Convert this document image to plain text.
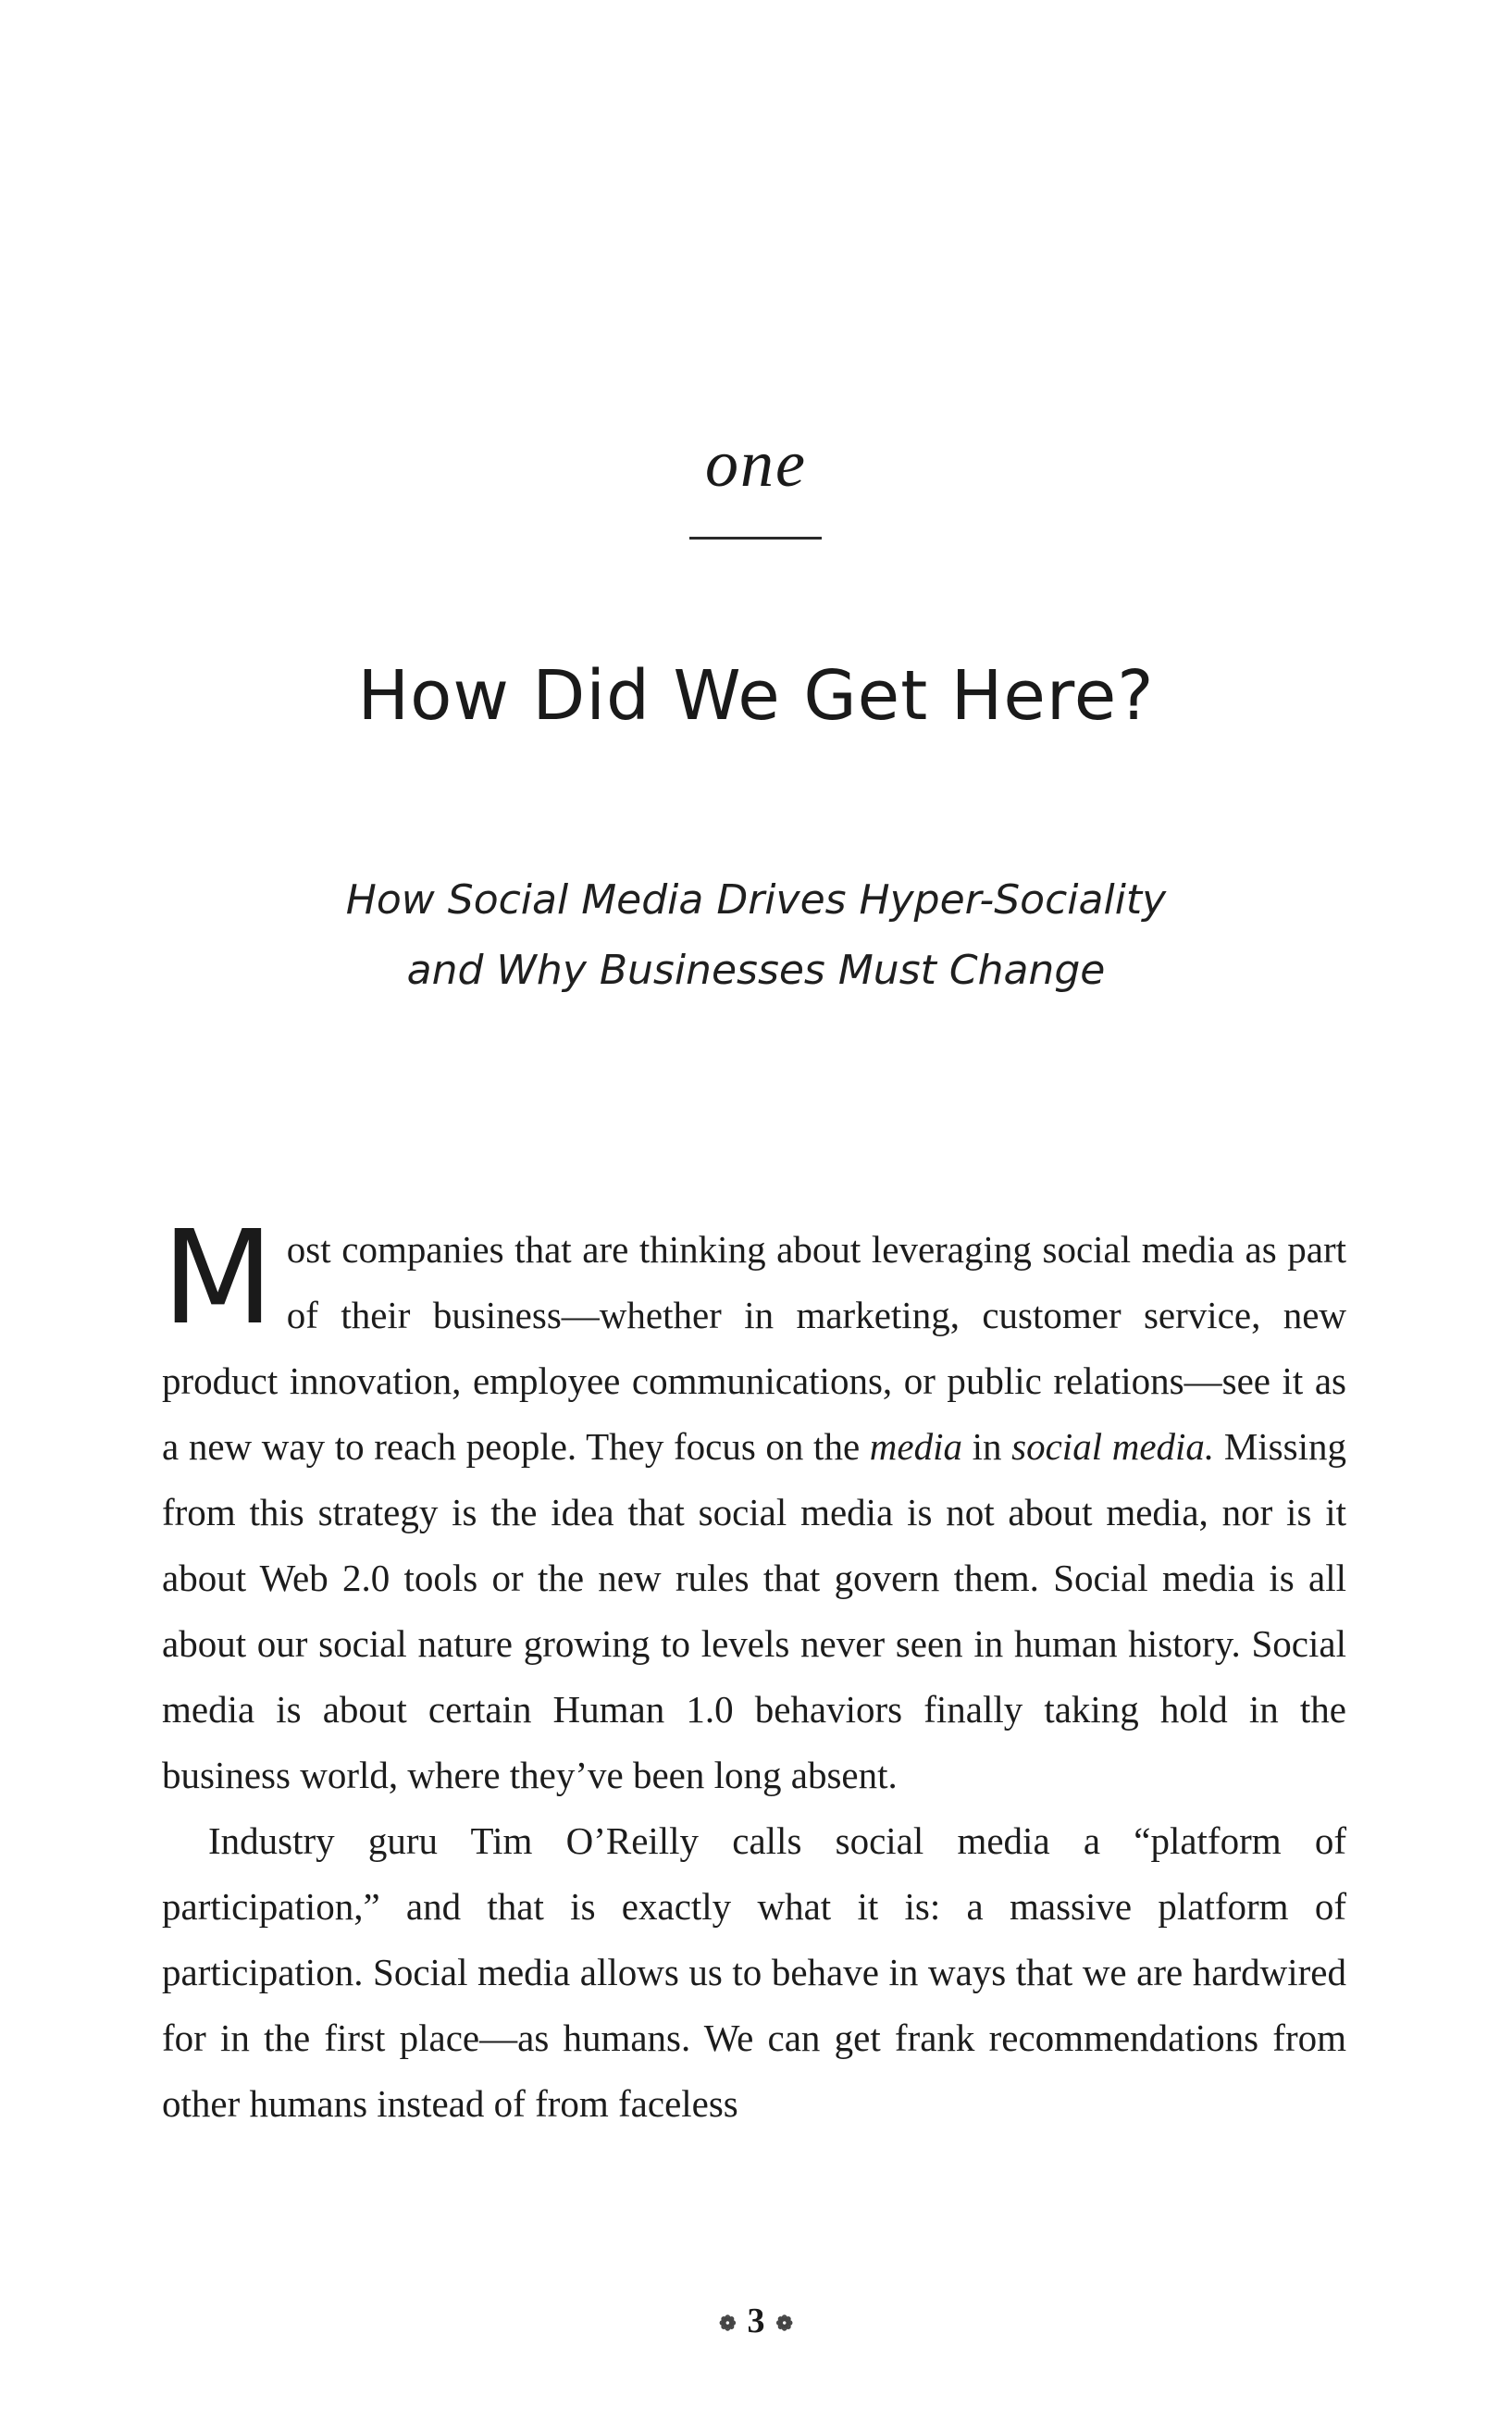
one
How Did We Get Here?
How Social Media Drives Hyper-Sociality
and Why Businesses Must Change

Most companies that are thinking about leveraging social media as part of their business—whether in marketing, customer service, new product innovation, employee communications, or public relations—see it as a new way to reach people. They focus on the media in social media. Missing from this strategy is the idea that social media is not about media, nor is it about Web 2.0 tools or the new rules that govern them. Social media is all about our social nature growing to levels never seen in human history. Social media is about certain Human 1.0 behaviors finally taking hold in the business world, where they’ve been long absent.

Industry guru Tim O’Reilly calls social media a “platform of participation,” and that is exactly what it is: a massive platform of participation. Social media allows us to behave in ways that we are hardwired for in the first place—as humans. We can get frank recommendations from other humans instead of from faceless

❁ 3 ❁
